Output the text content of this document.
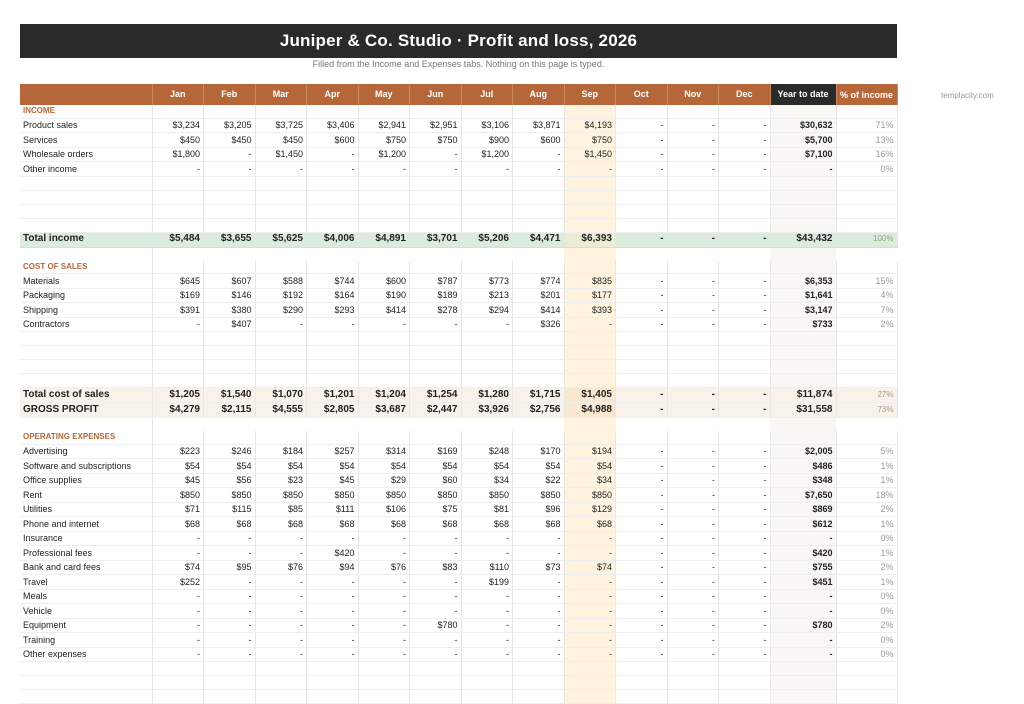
Juniper & Co. Studio · Profit and loss, 2026
Filled from the Income and Expenses tabs. Nothing on this page is typed.
templacity.com
	Jan	Feb	Mar	Apr	May	Jun	Jul	Aug	Sep	Oct	Nov	Dec	Year to date	% of income
INCOME														
Product sales	$3,234	$3,205	$3,725	$3,406	$2,941	$2,951	$3,106	$3,871	$4,193	-	-	-	$30,632	71%
Services	$450	$450	$450	$600	$750	$750	$900	$600	$750	-	-	-	$5,700	13%
Wholesale orders	$1,800	-	$1,450	-	$1,200	-	$1,200	-	$1,450	-	-	-	$7,100	16%
Other income	-	-	-	-	-	-	-	-	-	-	-	-	-	0%

Total income	$5,484	$3,655	$5,625	$4,006	$4,891	$3,701	$5,206	$4,471	$6,393	-	-	-	$43,432	100%

COST OF SALES														
Materials	$645	$607	$588	$744	$600	$787	$773	$774	$835	-	-	-	$6,353	15%
Packaging	$169	$146	$192	$164	$190	$189	$213	$201	$177	-	-	-	$1,641	4%
Shipping	$391	$380	$290	$293	$414	$278	$294	$414	$393	-	-	-	$3,147	7%
Contractors	-	$407	-	-	-	-	-	$326	-	-	-	-	$733	2%

Total cost of sales	$1,205	$1,540	$1,070	$1,201	$1,204	$1,254	$1,280	$1,715	$1,405	-	-	-	$11,874	27%
GROSS PROFIT	$4,279	$2,115	$4,555	$2,805	$3,687	$2,447	$3,926	$2,756	$4,988	-	-	-	$31,558	73%

OPERATING EXPENSES														
Advertising	$223	$246	$184	$257	$314	$169	$248	$170	$194	-	-	-	$2,005	5%
Software and subscriptions	$54	$54	$54	$54	$54	$54	$54	$54	$54	-	-	-	$486	1%
Office supplies	$45	$56	$23	$45	$29	$60	$34	$22	$34	-	-	-	$348	1%
Rent	$850	$850	$850	$850	$850	$850	$850	$850	$850	-	-	-	$7,650	18%
Utilities	$71	$115	$85	$111	$106	$75	$81	$96	$129	-	-	-	$869	2%
Phone and internet	$68	$68	$68	$68	$68	$68	$68	$68	$68	-	-	-	$612	1%
Insurance	-	-	-	-	-	-	-	-	-	-	-	-	-	0%
Professional fees	-	-	-	$420	-	-	-	-	-	-	-	-	$420	1%
Bank and card fees	$74	$95	$76	$94	$76	$83	$110	$73	$74	-	-	-	$755	2%
Travel	$252	-	-	-	-	-	$199	-	-	-	-	-	$451	1%
Meals	-	-	-	-	-	-	-	-	-	-	-	-	-	0%
Vehicle	-	-	-	-	-	-	-	-	-	-	-	-	-	0%
Equipment	-	-	-	-	-	$780	-	-	-	-	-	-	$780	2%
Training	-	-	-	-	-	-	-	-	-	-	-	-	-	0%
Other expenses	-	-	-	-	-	-	-	-	-	-	-	-	-	0%
